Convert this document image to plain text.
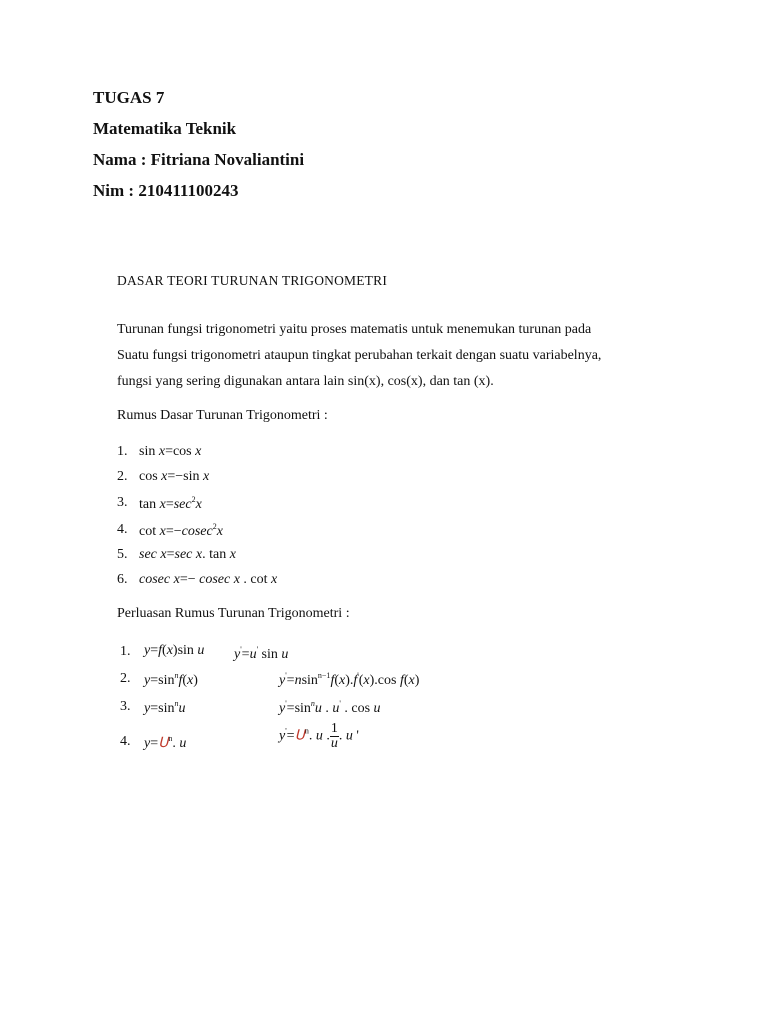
TUGAS 7
Matematika Teknik
Nama : Fitriana Novaliantini
Nim : 210411100243
DASAR TEORI TURUNAN TRIGONOMETRI
Turunan fungsi trigonometri yaitu proses matematis untuk menemukan turunan pada
Suatu fungsi trigonometri ataupun tingkat perubahan terkait dengan suatu variabelnya,
fungsi yang sering digunakan antara lain sin(x), cos(x), dan tan (x).
Rumus Dasar Turunan Trigonometri :
1. sin x=cos x
2. cos x=−sin x
3. $\tan x=\sec^2x$
4. cot x=−cosec$^2$x
5. sec x=sec x. tan x
6. cosec x=− cosec x . cot x
Perluasan Rumus Turunan Trigonometri :
1. y=f(x)sin u y'=u' sin u
2. $y=\sin^nf(x)$	y'=nsin$^{n-1}$f(x).f'(x).cos f(x)
3. $y=\sin^nu$	$y'=\sin^nu$ . u' . cos u
4. y=ᑌ$^n$. u	y'=ᑌ$^n$. u . $\frac{1}{u}$ . u '
